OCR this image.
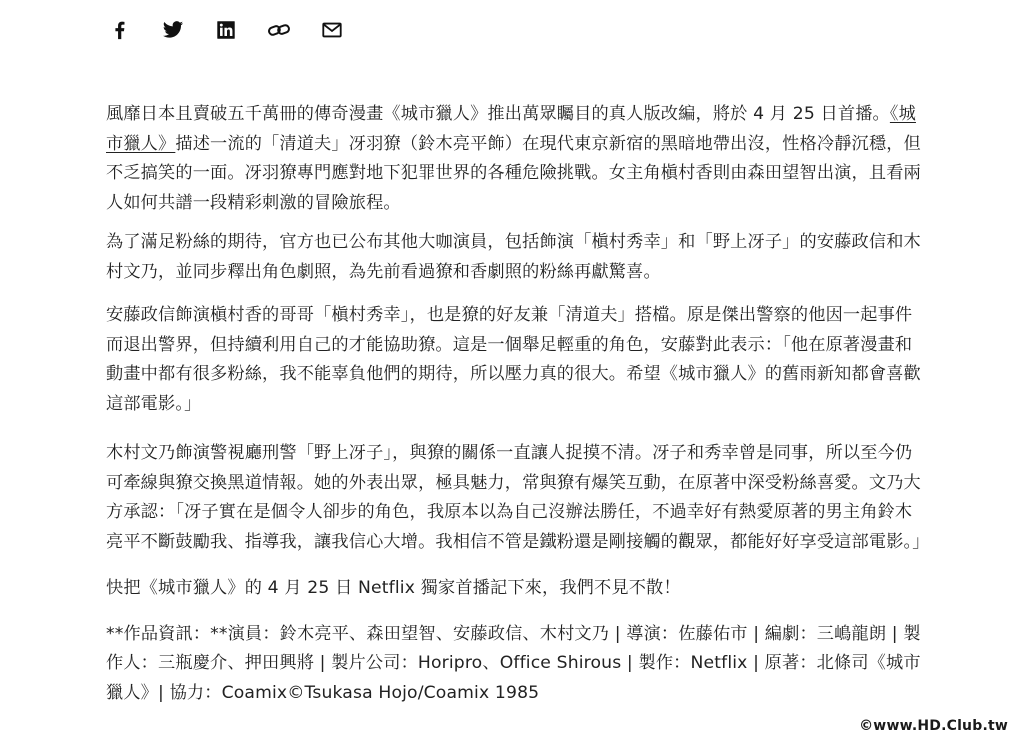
風靡日本且賣破五千萬冊的傳奇漫畫《城市獵人》推出萬眾矚目的真人版改編，將於 4 月 25 日首播。《城市獵人》描述一流的「清道夫」冴羽獠（鈴木亮平飾）在現代東京新宿的黑暗地帶出沒，性格冷靜沉穩，但不乏搞笑的一面。冴羽獠專門應對地下犯罪世界的各種危險挑戰。女主角槇村香則由森田望智出演，且看兩人如何共譜一段精彩刺激的冒險旅程。

為了滿足粉絲的期待，官方也已公布其他大咖演員，包括飾演「槇村秀幸」和「野上冴子」的安藤政信和木村文乃，並同步釋出角色劇照，為先前看過獠和香劇照的粉絲再獻驚喜。

安藤政信飾演槇村香的哥哥「槇村秀幸」，也是獠的好友兼「清道夫」搭檔。原是傑出警察的他因一起事件而退出警界，但持續利用自己的才能協助獠。這是一個舉足輕重的角色，安藤對此表示：「他在原著漫畫和動畫中都有很多粉絲，我不能辜負他們的期待，所以壓力真的很大。希望《城市獵人》的舊雨新知都會喜歡這部電影。」

木村文乃飾演警視廳刑警「野上冴子」，與獠的關係一直讓人捉摸不清。冴子和秀幸曾是同事，所以至今仍可牽線與獠交換黑道情報。她的外表出眾，極具魅力，常與獠有爆笑互動，在原著中深受粉絲喜愛。文乃大方承認：「冴子實在是個令人卻步的角色，我原本以為自己沒辦法勝任，不過幸好有熱愛原著的男主角鈴木亮平不斷鼓勵我、指導我，讓我信心大增。我相信不管是鐵粉還是剛接觸的觀眾，都能好好享受這部電影。」

快把《城市獵人》的 4 月 25 日 Netflix 獨家首播記下來，我們不見不散！

**作品資訊：**演員：鈴木亮平、森田望智、安藤政信、木村文乃 | 導演：佐藤佑市 | 編劇：三嶋龍朗 | 製作人：三瓶慶介、押田興將 | 製片公司：Horipro、Office Shirous | 製作：Netflix | 原著：北條司《城市獵人》| 協力：Coamix©Tsukasa Hojo/Coamix 1985

©www.HD.Club.tw
